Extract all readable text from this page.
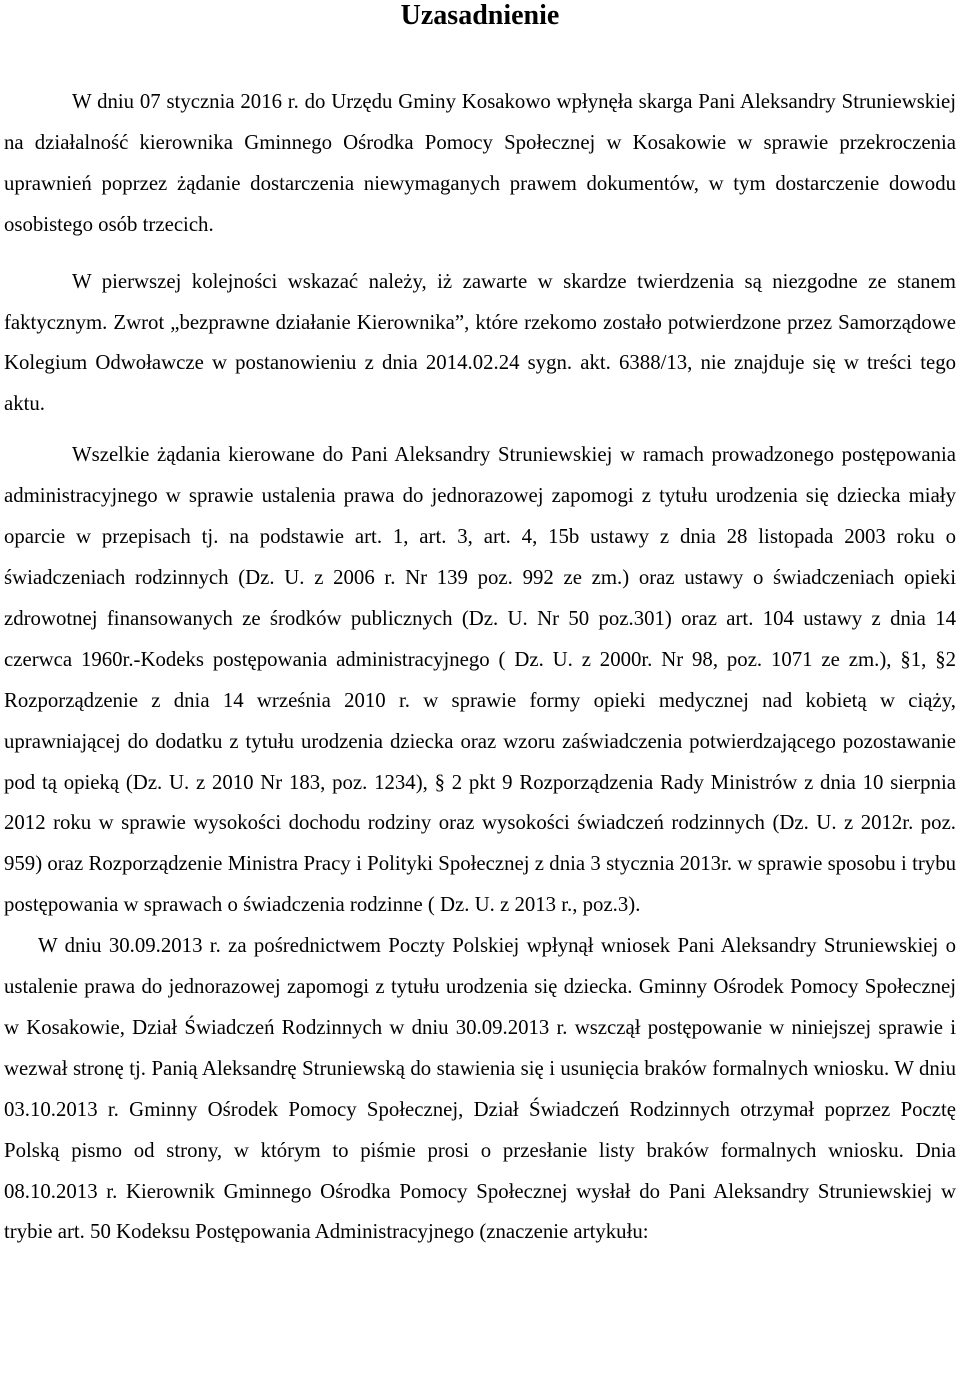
Uzasadnienie

W dniu 07 stycznia 2016 r. do Urzędu Gminy Kosakowo wpłynęła skarga Pani Aleksandry Struniewskiej na działalność kierownika Gminnego Ośrodka Pomocy Społecznej w Kosakowie w sprawie przekroczenia uprawnień poprzez żądanie dostarczenia niewymaganych prawem dokumentów, w tym dostarczenie dowodu osobistego osób trzecich.

W pierwszej kolejności wskazać należy, iż zawarte w skardze twierdzenia są niezgodne ze stanem faktycznym. Zwrot „bezprawne działanie Kierownika”, które rzekomo zostało potwierdzone przez Samorządowe Kolegium Odwoławcze w postanowieniu z dnia 2014.02.24 sygn. akt. 6388/13, nie znajduje się w treści tego aktu.

Wszelkie żądania kierowane do Pani Aleksandry Struniewskiej w ramach prowadzonego postępowania administracyjnego w sprawie ustalenia prawa do jednorazowej zapomogi z tytułu urodzenia się dziecka miały oparcie w przepisach tj. na podstawie art. 1, art. 3, art. 4, 15b ustawy z dnia 28 listopada 2003 roku o świadczeniach rodzinnych (Dz. U. z 2006 r. Nr 139 poz. 992 ze zm.) oraz ustawy o świadczeniach opieki zdrowotnej finansowanych ze środków publicznych (Dz. U. Nr 50 poz.301) oraz art. 104 ustawy z dnia 14 czerwca 1960r.-Kodeks postępowania administracyjnego ( Dz. U. z 2000r. Nr 98, poz. 1071 ze zm.), §1, §2 Rozporządzenie z dnia 14 września 2010 r. w sprawie formy opieki medycznej nad kobietą w ciąży, uprawniającej do dodatku z tytułu urodzenia dziecka oraz wzoru zaświadczenia potwierdzającego pozostawanie pod tą opieką (Dz. U. z 2010 Nr 183, poz. 1234), § 2 pkt 9 Rozporządzenia Rady Ministrów z dnia 10 sierpnia 2012 roku w sprawie wysokości dochodu rodziny oraz wysokości świadczeń rodzinnych (Dz. U. z 2012r. poz. 959) oraz Rozporządzenie Ministra Pracy i Polityki Społecznej z dnia 3 stycznia 2013r. w sprawie sposobu i trybu postępowania w sprawach o świadczenia rodzinne ( Dz. U. z 2013 r., poz.3).

W dniu 30.09.2013 r. za pośrednictwem Poczty Polskiej wpłynął wniosek Pani Aleksandry Struniewskiej o ustalenie prawa do jednorazowej zapomogi z tytułu urodzenia się dziecka. Gminny Ośrodek Pomocy Społecznej w Kosakowie, Dział Świadczeń Rodzinnych w dniu 30.09.2013 r. wszczął postępowanie w niniejszej sprawie i wezwał stronę tj. Panią Aleksandrę Struniewską do stawienia się i usunięcia braków formalnych wniosku. W dniu 03.10.2013 r. Gminny Ośrodek Pomocy Społecznej, Dział Świadczeń Rodzinnych otrzymał poprzez Pocztę Polską pismo od strony, w którym to piśmie prosi o przesłanie listy braków formalnych wniosku. Dnia 08.10.2013 r. Kierownik Gminnego Ośrodka Pomocy Społecznej wysłał do Pani Aleksandry Struniewskiej w trybie art. 50 Kodeksu Postępowania Administracyjnego (znaczenie artykułu:
